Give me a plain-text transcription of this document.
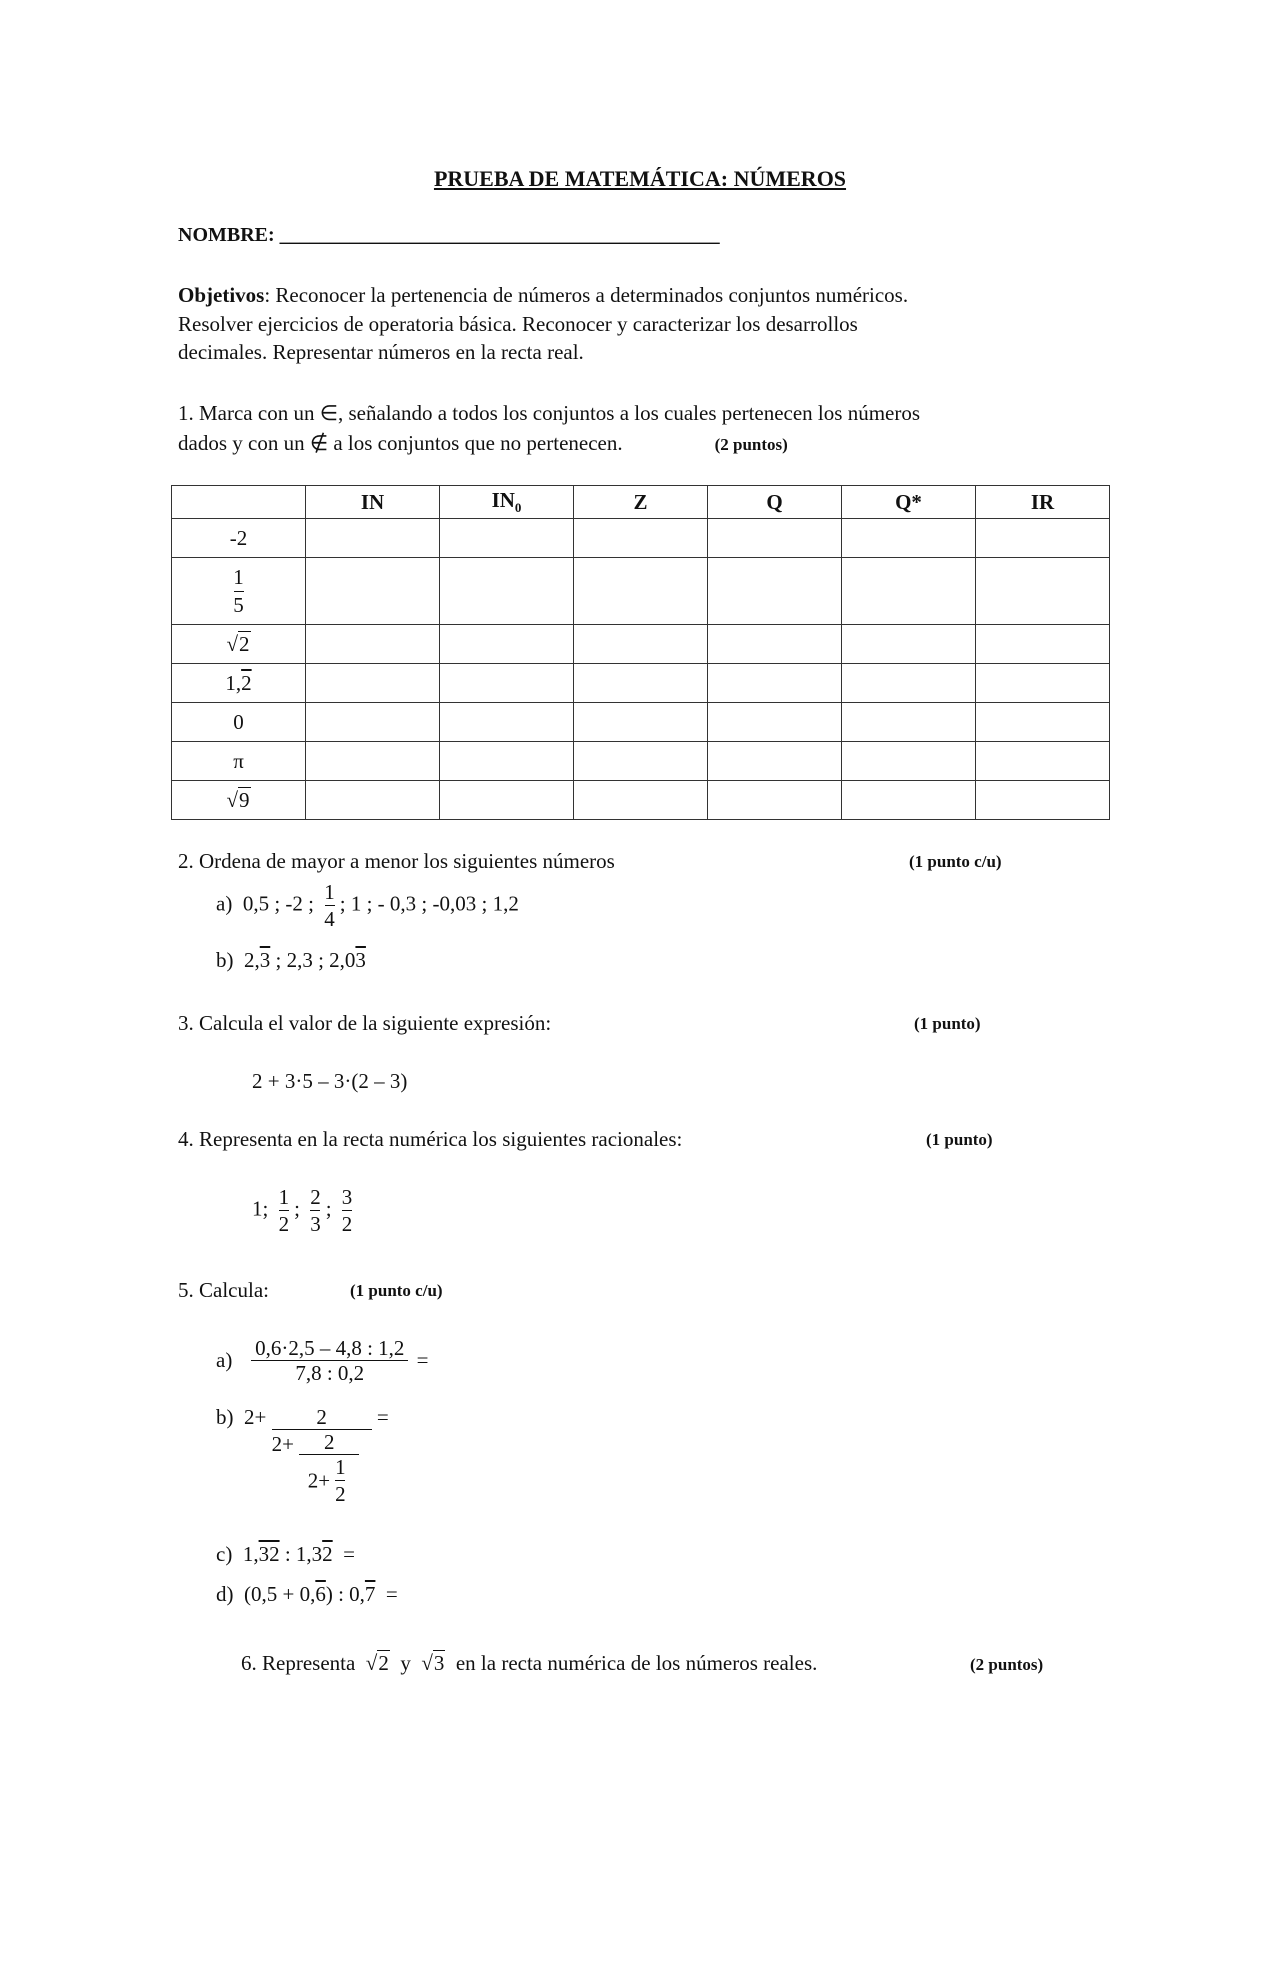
PRUEBA DE MATEMÁTICA: NÚMEROS
NOMBRE: ____________________________________________
Objetivos: Reconocer la pertenencia de números a determinados conjuntos numéricos.
Resolver ejercicios de operatoria básica. Reconocer y caracterizar los desarrollos
decimales. Representar números en la recta real.
1. Marca con un ∈, señalando a todos los conjuntos a los cuales pertenecen los números
dados y con un ∉ a los conjuntos que no pertenecen.	(2 puntos)
	IN	$IN_0$	Z	Q	Q*	IR
-2						

$\frac{1}{5}$

√2						
1,2						
0						
π						
√9						
2. Ordena de mayor a menor los siguientes números	(1 punto c/u)
a) 0,5 ; -2 ; $\frac{1}{4}$ ; 1 ; - 0,3 ; -0,03 ; 1,2
b) 2,3 ; 2,3 ; 2,03
3. Calcula el valor de la siguiente expresión:	(1 punto)
2 + 3·5 – 3·(2 – 3)
4. Representa en la recta numérica los siguientes racionales:	(1 punto)
1; $\frac{1}{2}$ ; $\frac{2}{3}$ ; $\frac{3}{2}$
5. Calcula:	(1 punto c/u)
$a) \frac{0,6\cdot 2,5 - 4,8 : 1,2}{7,8 : 0,2}$ =
b) $2+ \frac{2}{2+ \frac{2}{2+ \frac{1}{2}}}$ =
c) 1,32 : 1,32 =
d) (0,5 + 0,6) : 0,7 =
6. Representa √2 y √3 en la recta numérica de los números reales.	(2 puntos)
